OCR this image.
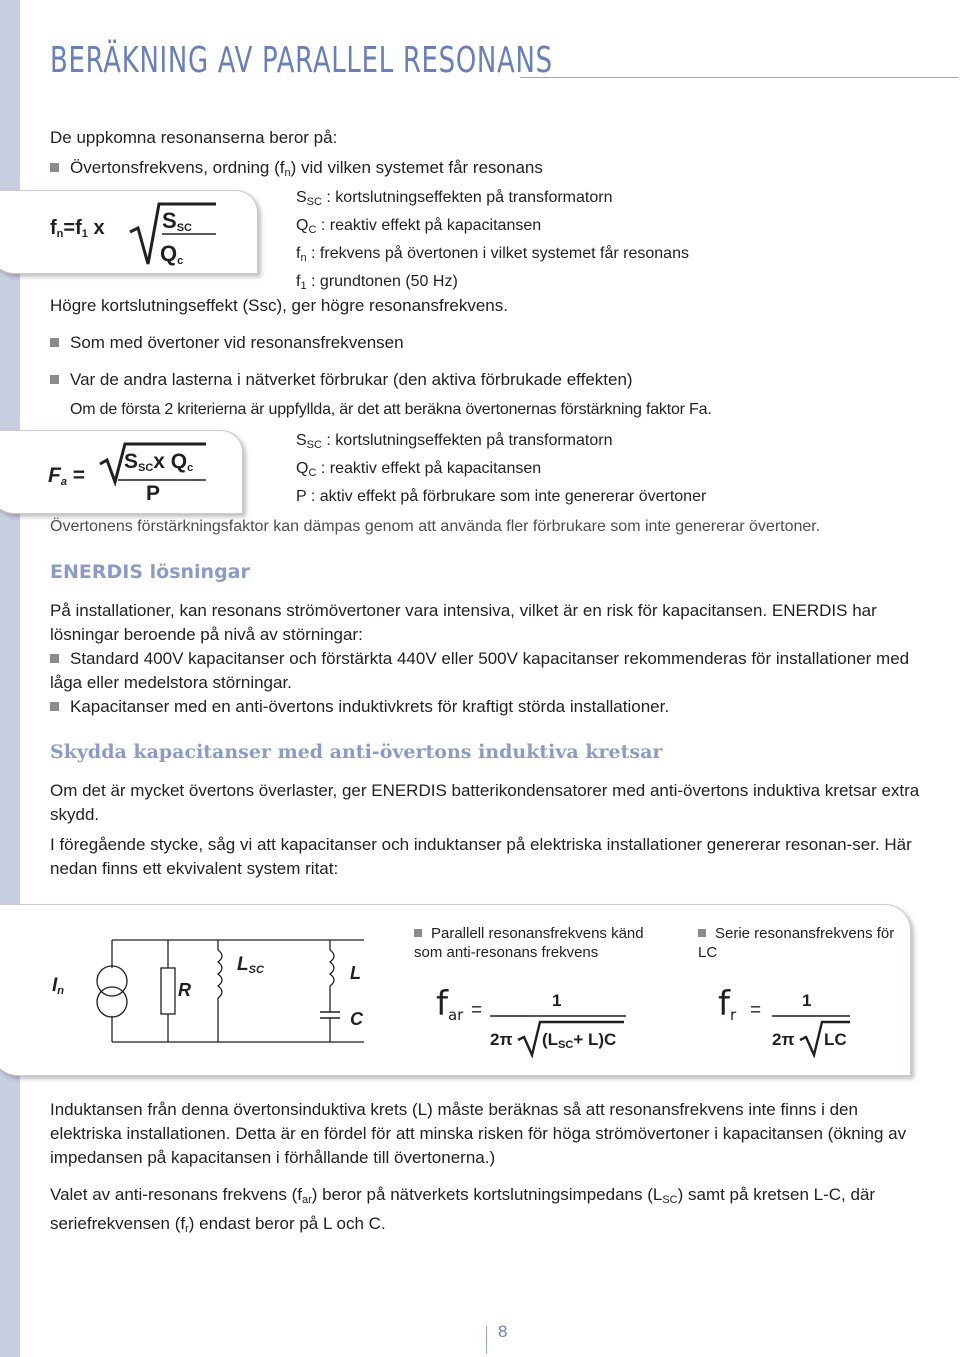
BERÄKNING AV PARALLEL RESONANS

De uppkomna resonanserna beror på:

Övertonsfrekvens, ordning $(f_n)$ vid vilken systemet får resonans
$f_n=f_1$ x	$S_{SC}$
$Q_c$
$S_{SC}$ : kortslutningseffekten på transformatorn
$Q_C$ : reaktiv effekt på kapacitansen
$f_n$ : frekvens på övertonen i vilket systemet får resonans
$f_1$ : grundtonen (50 Hz)

Högre kortslutningseffekt (Ssc), ger högre resonansfrekvens.

Som med övertoner vid resonansfrekvensen
Var de andra lasterna i nätverket förbrukar (den aktiva förbrukade effekten)

Om de första 2 kriterierna är uppfyllda, är det att beräkna övertonernas förstärkning faktor Fa.

$F_a$ =
$S_{SC}x$ $Q_c$
P
$S_{SC}$ : kortslutningseffekten på transformatorn
$Q_C$ : reaktiv effekt på kapacitansen
P : aktiv effekt på förbrukare som inte genererar övertoner

Övertonens förstärkningsfaktor kan dämpas genom att använda fler förbrukare som inte genererar övertoner.

ENERDIS lösningar

På installationer, kan resonans strömövertoner vara intensiva, vilket är en risk för kapacitansen. ENERDIS har lösningar beroende på nivå av störningar:

Standard 400V kapacitanser och förstärkta 440V eller 500V kapacitanser rekommenderas för installationer med låga eller medelstora störningar.
Kapacitanser med en anti-övertons induktivkrets för kraftigt störda installationer.
Skydda kapacitanser med anti-övertons induktiva kretsar

Om det är mycket övertons överlaster, ger ENERDIS batterikondensatorer med anti-övertons induktiva kretsar extra skydd.

I föregående stycke, såg vi att kapacitanser och induktanser på elektriska installationer genererar resonan-ser. Här nedan finns ett ekvivalent system ritat:

$I_n$	R
$L_{SC}$	L
C
Parallell resonansfrekvens känd som anti-resonans frekvens
$f_{ar}$ =	1
2π $(L_{SC}+ L)C$
Serie resonansfrekvens för LC
$f_r = 1$
2π LC

Induktansen från denna övertonsinduktiva krets (L) måste beräknas så att resonansfrekvens inte finns i den elektriska installationen. Detta är en fördel för att minska risken för höga strömövertoner i kapacitansen (ökning av impedansen på kapacitansen i förhållande till övertonerna.)

Valet av anti-resonans frekvens $(f_{ar})$ beror på nätverkets kortslutningsimpedans $(L_{SC})$ samt på kretsen L-C, där seriefrekvensen $(f_r)$ endast beror på L och C.

8
